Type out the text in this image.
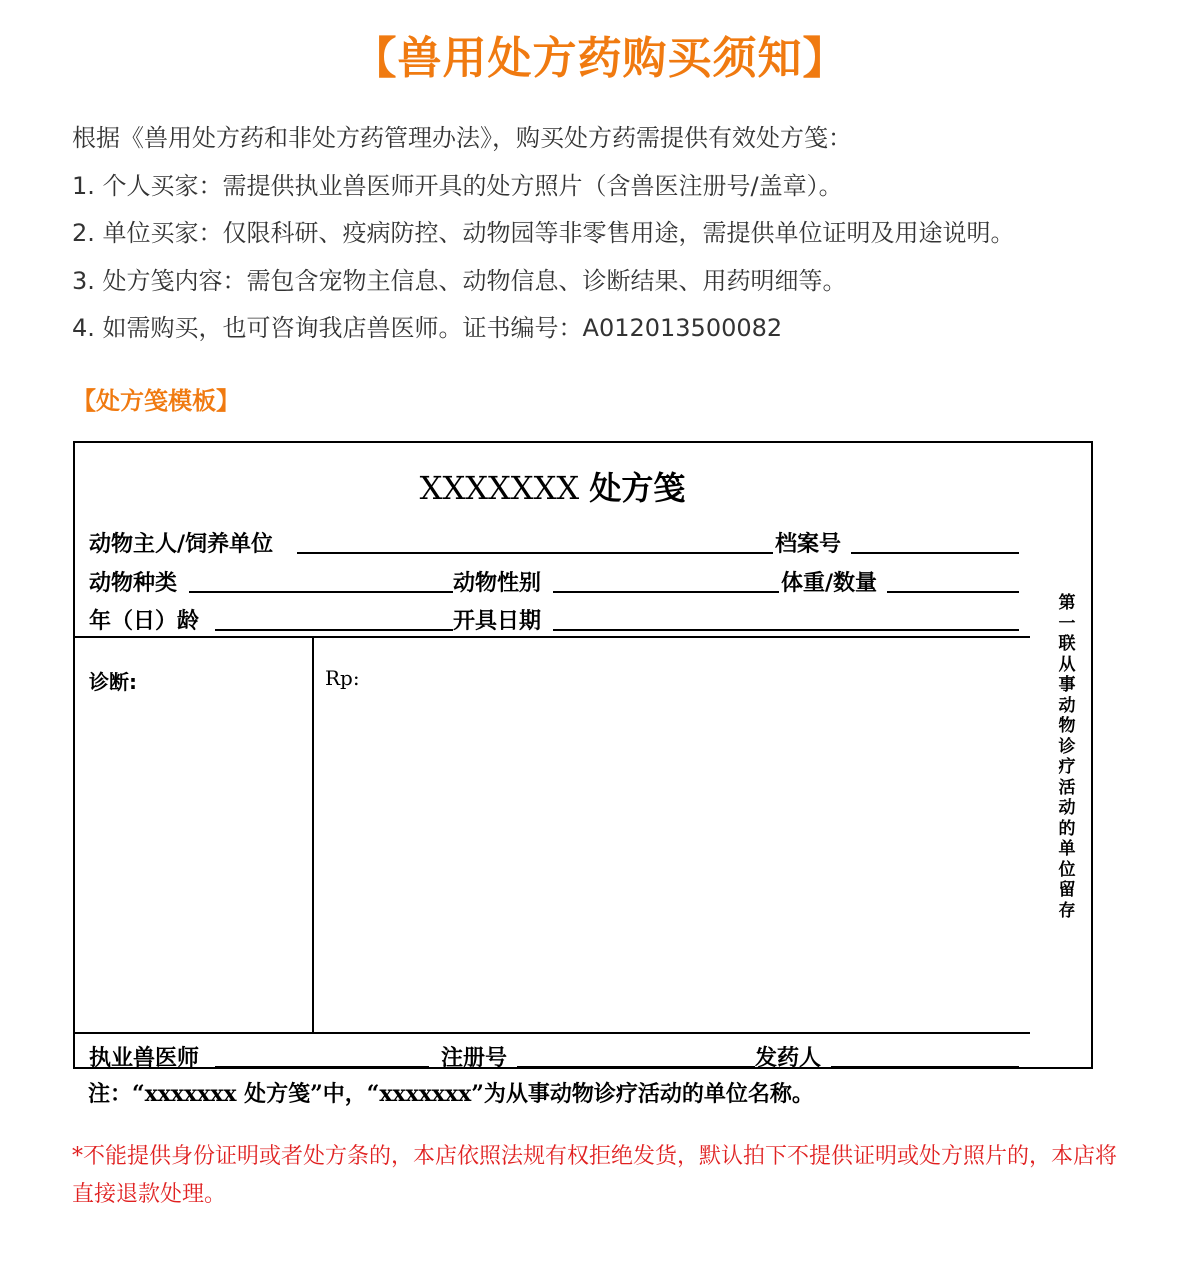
【兽用处方药购买须知】

根据《兽用处方药和非处方药管理办法》，购买处方药需提供有效处方笺：

1. 个人买家：需提供执业兽医师开具的处方照片（含兽医注册号/盖章）。

2. 单位买家：仅限科研、疫病防控、动物园等非零售用途，需提供单位证明及用途说明。

3. 处方笺内容：需包含宠物主信息、动物信息、诊断结果、用药明细等。

4. 如需购买，也可咨询我店兽医师。证书编号：A012013500082

【处方笺模板】
XXXXXXX 处方笺
动物主人/饲养单位	档案号
动物种类	动物性别	体重/数量
年（日）龄	开具日期
诊断:	Rp:
执业兽医师	注册号	发药人
第一联 从事动物诊疗活动的单位留存
注：“xxxxxxx 处方笺”中，“xxxxxxx”为从事动物诊疗活动的单位名称。
*不能提供身份证明或者处方条的，本店依照法规有权拒绝发货，默认拍下不提供证明或处方照片的，本店将直接退款处理。
